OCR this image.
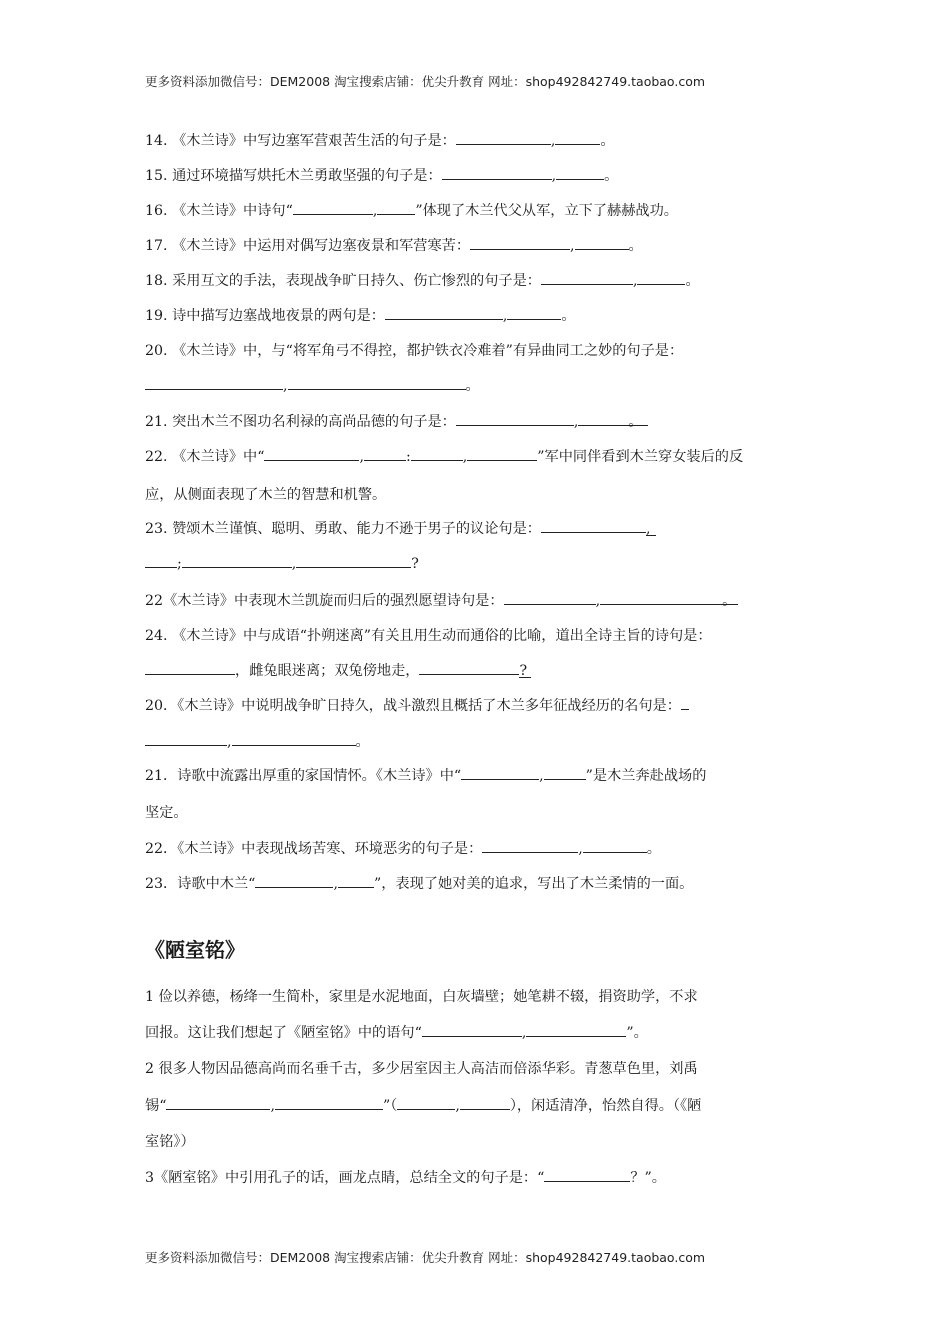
更多资料添加微信号：DEM2008 淘宝搜索店铺：优尖升教育 网址：shop492842749.taobao.com
14. 《木兰诗》中写边塞军营艰苦生活的句子是：	,	。
15. 通过环境描写烘托木兰勇敢坚强的句子是：	,	。
16. 《木兰诗》中诗句“	,	”体现了木兰代父从军，立下了赫赫战功。
17. 《木兰诗》中运用对偶写边塞夜景和军营寒苦：	,	。
18. 采用互文的手法，表现战争旷日持久、伤亡惨烈的句子是：	,	。
19. 诗中描写边塞战地夜景的两句是：	,	。
20. 《木兰诗》中，与“将军角弓不得控，都护铁衣冷难着”有异曲同工之妙的句子是：
,	。
21. 突出木兰不图功名利禄的高尚品德的句子是：	,	。
22. 《木兰诗》中“	,	:	,	”军中同伴看到木兰穿女装后的反
应，从侧面表现了木兰的智慧和机警。
23. 赞颂木兰谨慎、聪明、勇敢、能力不逊于男子的议论句是：	,
;	,	?
22《木兰诗》中表现木兰凯旋而归后的强烈愿望诗句是：	,	。
24. 《木兰诗》中与成语“扑朔迷离”有关且用生动而通俗的比喻，道出全诗主旨的诗句是：
，雌兔眼迷离；双兔傍地走，	?
20．《木兰诗》中说明战争旷日持久，战斗激烈且概括了木兰多年征战经历的名句是：
,	。
21．诗歌中流露出厚重的家国情怀。《木兰诗》中“	,	”是木兰奔赴战场的
坚定。
22．《木兰诗》中表现战场苦寒、环境恶劣的句子是：	,	。
23．诗歌中木兰“	,	”，表现了她对美的追求，写出了木兰柔情的一面。
《陋室铭》
1 俭以养德，杨绛一生简朴，家里是水泥地面，白灰墙壁；她笔耕不辍，捐资助学，不求
回报。这让我们想起了《陋室铭》中的语句“	,	”。
2 很多人物因品德高尚而名垂千古，多少居室因主人高洁而倍添华彩。青葱草色里，刘禹
锡“	,	”（	,	），闲适清净，怡然自得。（《陋
室铭》）
3《陋室铭》中引用孔子的话，画龙点睛，总结全文的句子是：“	？”。
更多资料添加微信号：DEM2008 淘宝搜索店铺：优尖升教育 网址：shop492842749.taobao.com
